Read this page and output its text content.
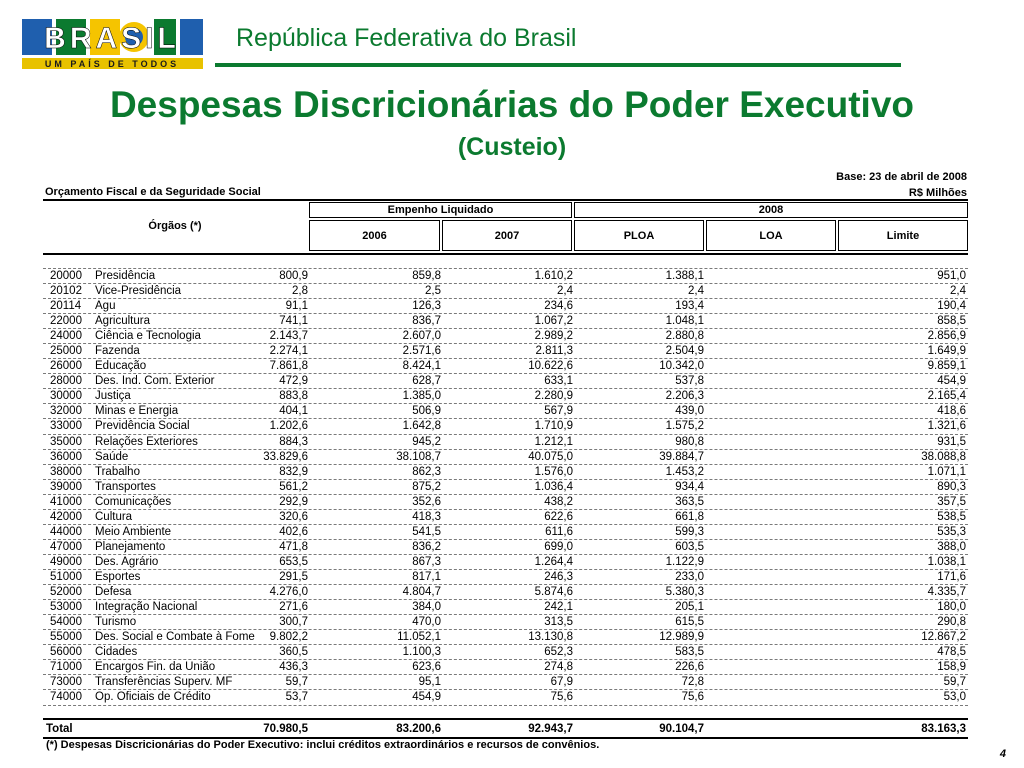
BRASIL
UM PAÍS DE TODOS
República Federativa do Brasil
Despesas Discricionárias do Poder Executivo
(Custeio)
Base: 23 de abril de 2008
Orçamento Fiscal e da Seguridade Social	R$ Milhões
Órgãos (*)
Empenho Liquidado	2008
2006	2007	PLOA	LOA	Limite
20000 Presidência	800,9	859,8	1.610,2	1.388,1	951,0
20102 Vice-Presidência	2,8	2,5	2,4	2,4	2,4
20114 Agu	91,1	126,3	234,6	193,4	190,4
22000 Agricultura	741,1	836,7	1.067,2	1.048,1	858,5
24000 Ciência e Tecnologia	2.143,7	2.607,0	2.989,2	2.880,8	2.856,9
25000 Fazenda	2.274,1	2.571,6	2.811,3	2.504,9	1.649,9
26000 Educação	7.861,8	8.424,1	10.622,6	10.342,0	9.859,1
28000 Des. Ind. Com. Exterior	472,9	628,7	633,1	537,8	454,9
30000 Justiça	883,8	1.385,0	2.280,9	2.206,3	2.165,4
32000 Minas e Energia	404,1	506,9	567,9	439,0	418,6
33000 Previdência Social	1.202,6	1.642,8	1.710,9	1.575,2	1.321,6
35000 Relações Exteriores	884,3	945,2	1.212,1	980,8	931,5
36000 Saúde	33.829,6	38.108,7	40.075,0	39.884,7	38.088,8
38000 Trabalho	832,9	862,3	1.576,0	1.453,2	1.071,1
39000 Transportes	561,2	875,2	1.036,4	934,4	890,3
41000 Comunicações	292,9	352,6	438,2	363,5	357,5
42000 Cultura	320,6	418,3	622,6	661,8	538,5
44000 Meio Ambiente	402,6	541,5	611,6	599,3	535,3
47000 Planejamento	471,8	836,2	699,0	603,5	388,0
49000 Des. Agrário	653,5	867,3	1.264,4	1.122,9	1.038,1
51000 Esportes	291,5	817,1	246,3	233,0	171,6
52000 Defesa	4.276,0	4.804,7	5.874,6	5.380,3	4.335,7
53000 Integração Nacional	271,6	384,0	242,1	205,1	180,0
54000 Turismo	300,7	470,0	313,5	615,5	290,8
55000 Des. Social e Combate à Fome 9.802,2	11.052,1	13.130,8	12.989,9	12.867,2
56000 Cidades	360,5	1.100,3	652,3	583,5	478,5
71000 Encargos Fin. da União	436,3	623,6	274,8	226,6	158,9
73000 Transferências Superv. MF	59,7	95,1	67,9	72,8	59,7
74000 Op. Oficiais de Crédito	53,7	454,9	75,6	75,6	53,0
Total	70.980,5	83.200,6	92.943,7	90.104,7	83.163,3
(*) Despesas Discricionárias do Poder Executivo: inclui créditos extraordinários e recursos de convênios.
4
